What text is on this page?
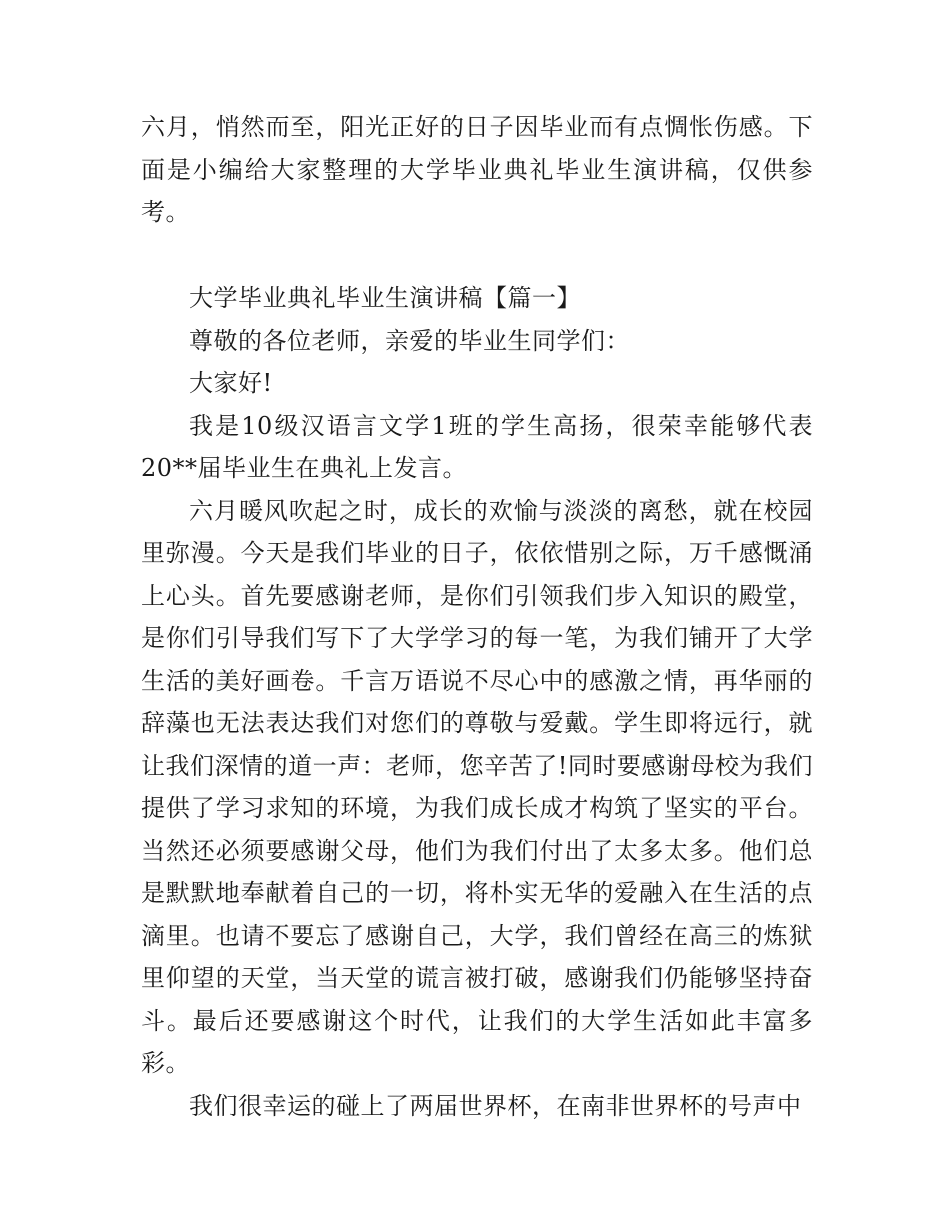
六月，悄然而至，阳光正好的日子因毕业而有点惆怅伤感。下面是小编给大家整理的大学毕业典礼毕业生演讲稿，仅供参考。

大学毕业典礼毕业生演讲稿【篇一】

尊敬的各位老师，亲爱的毕业生同学们：

大家好!

我是10级汉语言文学1班的学生高扬，很荣幸能够代表20**届毕业生在典礼上发言。

六月暖风吹起之时，成长的欢愉与淡淡的离愁，就在校园里弥漫。今天是我们毕业的日子，依依惜别之际，万千感慨涌上心头。首先要感谢老师，是你们引领我们步入知识的殿堂，是你们引导我们写下了大学学习的每一笔，为我们铺开了大学生活的美好画卷。千言万语说不尽心中的感激之情，再华丽的辞藻也无法表达我们对您们的尊敬与爱戴。学生即将远行，就让我们深情的道一声：老师，您辛苦了!同时要感谢母校为我们提供了学习求知的环境，为我们成长成才构筑了坚实的平台。当然还必须要感谢父母，他们为我们付出了太多太多。他们总是默默地奉献着自己的一切，将朴实无华的爱融入在生活的点滴里。也请不要忘了感谢自己，大学，我们曾经在高三的炼狱里仰望的天堂，当天堂的谎言被打破，感谢我们仍能够坚持奋斗。最后还要感谢这个时代，让我们的大学生活如此丰富多彩。

我们很幸运的碰上了两届世界杯，在南非世界杯的号声中
